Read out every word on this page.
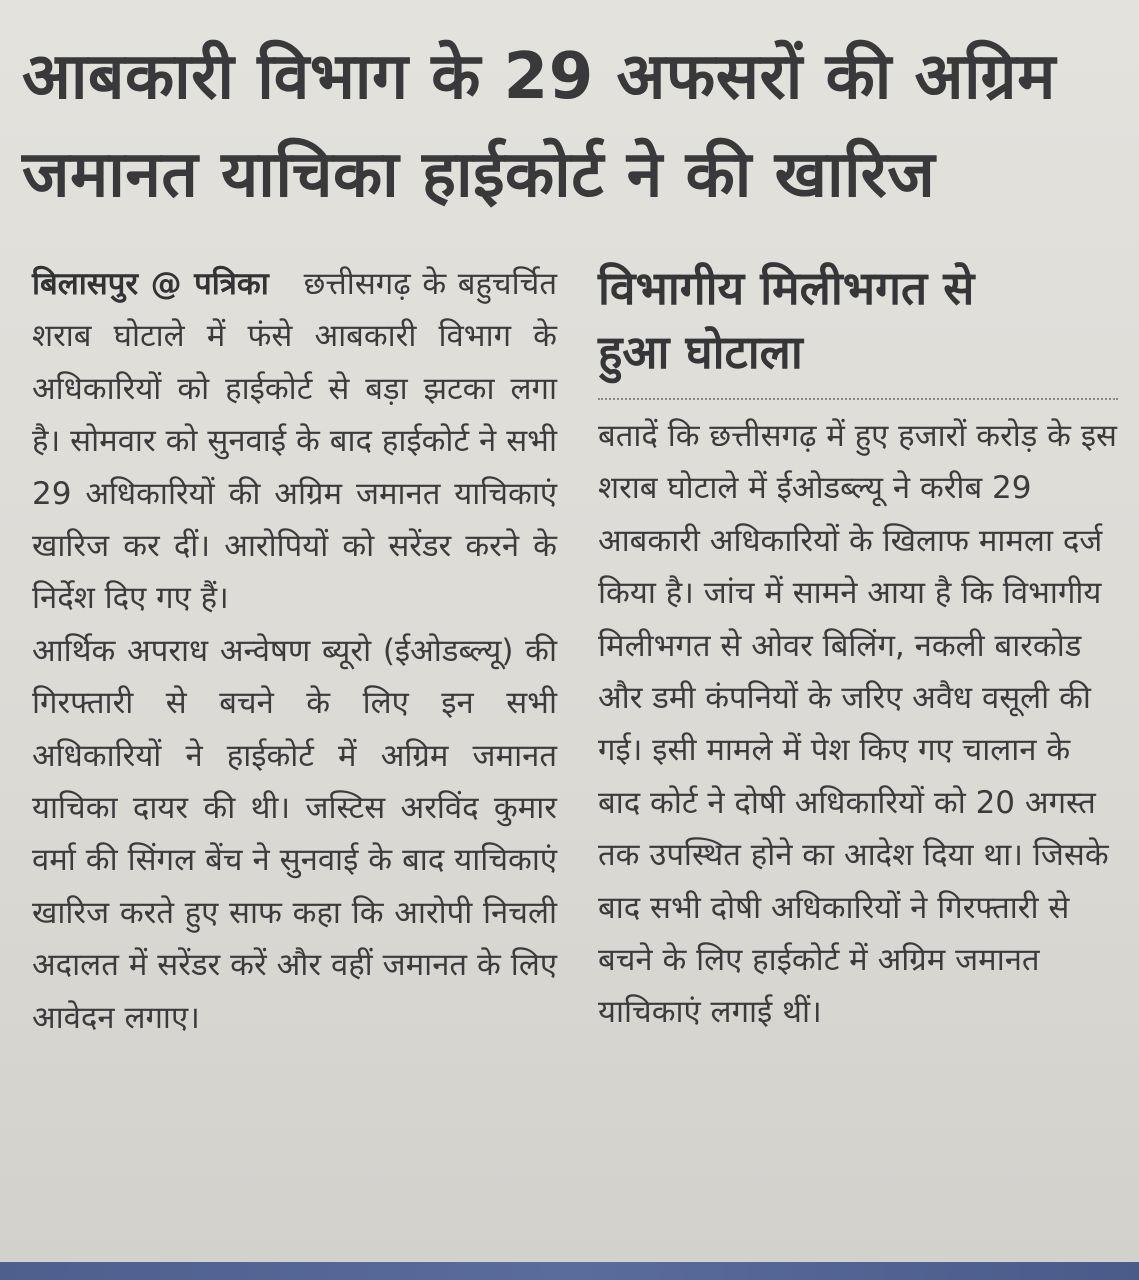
आबकारी विभाग के 29 अफसरों की अग्रिम
जमानत याचिका हाईकोर्ट ने की खारिज

बिलासपुर @ पत्रिका छत्तीसगढ़ के बहुचर्चित शराब घोटाले में फंसे आबकारी विभाग के अधिकारियों को हाईकोर्ट से बड़ा झटका लगा है। सोमवार को सुनवाई के बाद हाईकोर्ट ने सभी 29 अधिकारियों की अग्रिम जमानत याचिकाएं खारिज कर दीं। आरोपियों को सरेंडर करने के निर्देश दिए गए हैं।

आर्थिक अपराध अन्वेषण ब्यूरो (ईओडब्ल्यू) की गिरफ्तारी से बचने के लिए इन सभी अधिकारियों ने हाईकोर्ट में अग्रिम जमानत याचिका दायर की थी। जस्टिस अरविंद कुमार वर्मा की सिंगल बेंच ने सुनवाई के बाद याचिकाएं खारिज करते हुए साफ कहा कि आरोपी निचली अदालत में सरेंडर करें और वहीं जमानत के लिए आवेदन लगाए।

विभागीय मिलीभगत से
हुआ घोटाला

बतादें कि छत्तीसगढ़ में हुए हजारों करोड़ के इस शराब घोटाले में ईओडब्ल्यू ने करीब 29 आबकारी अधिकारियों के खिलाफ मामला दर्ज किया है। जांच में सामने आया है कि विभागीय मिलीभगत से ओवर बिलिंग, नकली बारकोड और डमी कंपनियों के जरिए अवैध वसूली की गई। इसी मामले में पेश किए गए चालान के बाद कोर्ट ने दोषी अधिकारियों को 20 अगस्त तक उपस्थित होने का आदेश दिया था। जिसके बाद सभी दोषी अधिकारियों ने गिरफ्तारी से बचने के लिए हाईकोर्ट में अग्रिम जमानत याचिकाएं लगाई थीं।
